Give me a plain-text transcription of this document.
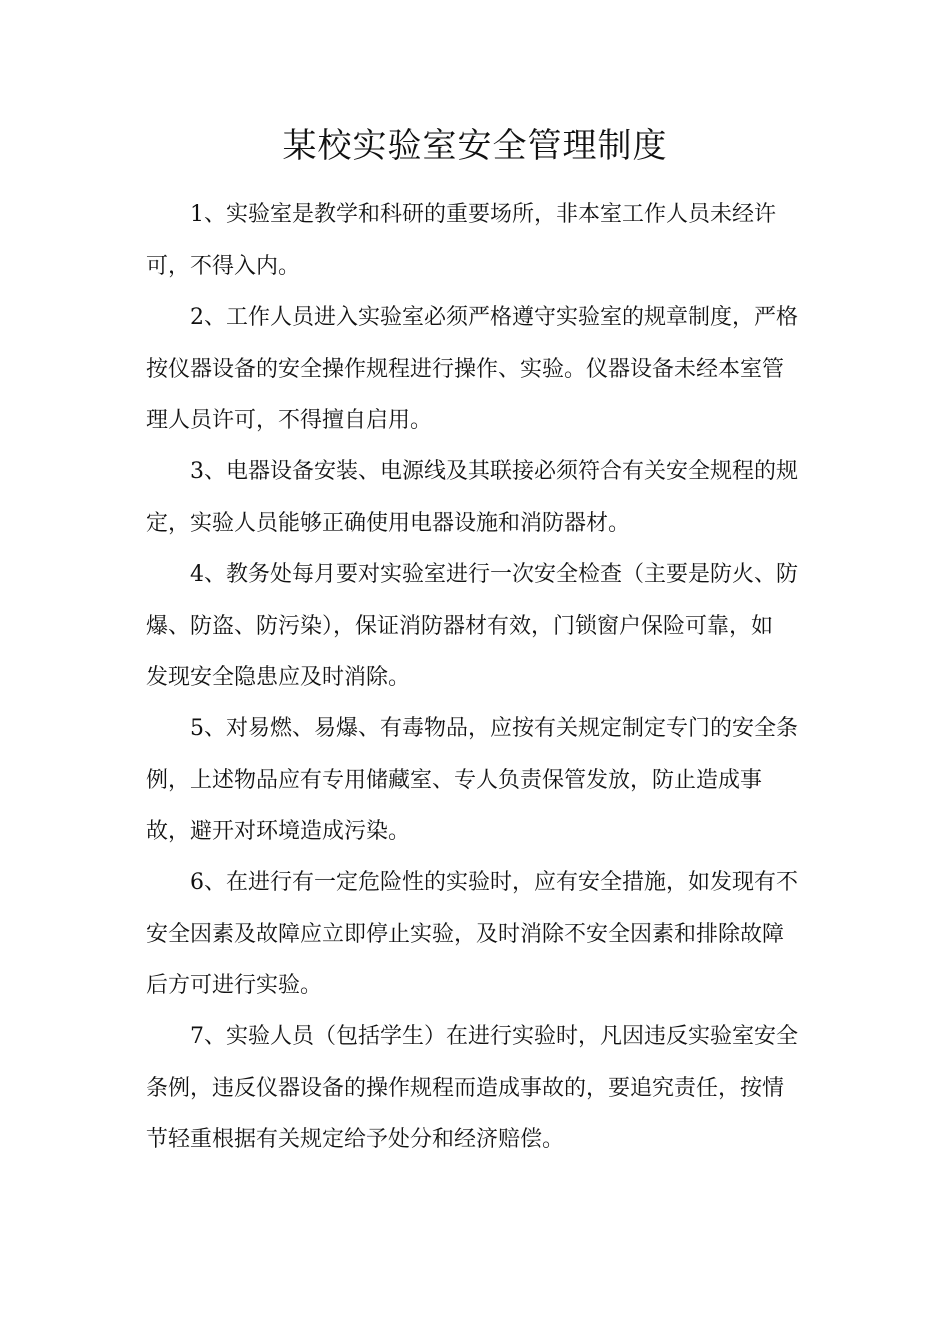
某校实验室安全管理制度

1、实验室是教学和科研的重要场所，非本室工作人员未经许

可，不得入内。

2、工作人员进入实验室必须严格遵守实验室的规章制度，严格

按仪器设备的安全操作规程进行操作、实验。仪器设备未经本室管

理人员许可，不得擅自启用。

3、电器设备安装、电源线及其联接必须符合有关安全规程的规

定，实验人员能够正确使用电器设施和消防器材。

4、教务处每月要对实验室进行一次安全检查（主要是防火、防

爆、防盗、防污染），保证消防器材有效，门锁窗户保险可靠，如

发现安全隐患应及时消除。

5、对易燃、易爆、有毒物品，应按有关规定制定专门的安全条

例，上述物品应有专用储藏室、专人负责保管发放，防止造成事

故，避开对环境造成污染。

6、在进行有一定危险性的实验时，应有安全措施，如发现有不

安全因素及故障应立即停止实验，及时消除不安全因素和排除故障

后方可进行实验。

7、实验人员（包括学生）在进行实验时，凡因违反实验室安全

条例，违反仪器设备的操作规程而造成事故的，要追究责任，按情

节轻重根据有关规定给予处分和经济赔偿。
